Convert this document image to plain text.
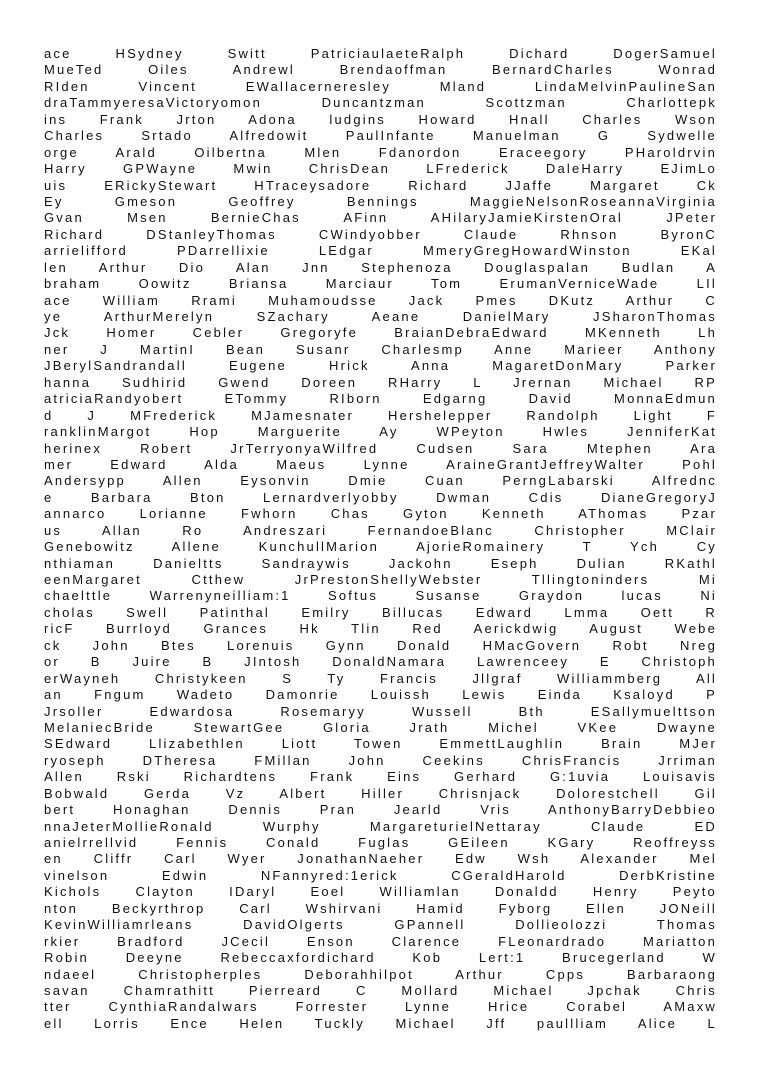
ace HSydney Switt PatriciaulaeteRalph Dichard DogerSamuel
MueTed Oiles Andrewl Brendaoffman BernardCharles Wonrad
RIden Vincent EWallacerneresley Mland LindaMelvinPaulineSan
draTammyeresaVictoryomon Duncantzman Scottzman Charlottepk
ins Frank Jrton Adona ludgins Howard Hnall Charles Wson
Charles Srtado Alfredowit PaulInfante Manuelman G Sydwelle
orge Arald Oilbertna Mlen Fdanordon Eraceegory PHaroldrvin
Harry GPWayne Mwin ChrisDean LFrederick DaleHarry EJimLo
uis ERickyStewart HTraceysadore Richard JJaffe Margaret Ck
Ey Gmeson Geoffrey Bennings MaggieNelsonRoseannaVirginia
Gvan Msen BernieChas AFinn AHilaryJamieKirstenOral JPeter
Richard DStanleyThomas CWindyobber Claude Rhnson ByronC
arrielifford PDarrellixie LEdgar MmeryGregHowardWinston EKal
len Arthur Dio Alan Jnn Stephenoza Douglaspalan Budlan A
braham Oowitz Briansa Marciaur Tom ErumanVerniceWade LIl
ace William Rrami Muhamoudsse Jack Pmes DKutz Arthur C
ye ArthurMerelyn SZachary Aeane DanielMary JSharonThomas
Jck Homer Cebler Gregoryfe BraianDebraEdward MKenneth Lh
ner J MartinI Bean Susanr Charlesmp Anne Marieer Anthony
JBerylSandrandall Eugene Hrick Anna MagaretDonMary Parker
hanna Sudhirid Gwend Doreen RHarry L Jrernan Michael RP
atriciaRandyobert ETommy RIborn Edgarng David MonnaEdmun
d J MFrederick MJamesnater Hershelepper Randolph Light F
ranklinMargot Hop Marguerite Ay WPeyton Hwles JenniferKat
herinex Robert JrTerryonyaWilfred Cudsen Sara Mtephen Ara
mer Edward Alda Maeus Lynne AraineGrantJeffreyWalter Pohl
Andersypp Allen Eysonvin Dmie Cuan PerngLabarski Alfrednc
e Barbara Bton Lernardverlyobby Dwman Cdis DianeGregoryJ
annarco Lorianne Fwhorn Chas Gyton Kenneth AThomas Pzar
us Allan Ro Andreszari FernandoeBlanc Christopher MClair
Genebowitz Allene KunchullMarion AjorieRomainery T Ych Cy
nthiaman Danieltts Sandraywis Jackohn Eseph Dulian RKathl
eenMargaret Ctthew JrPrestonShellyWebster Tllingtoninders Mi
chaelttle Warrenyneilliam:1 Softus Susanse Graydon lucas Ni
cholas Swell Patinthal Emilry Billucas Edward Lmma Oett R
ricF Burrloyd Grances Hk Tlin Red Aerickdwig August Webe
ck John Btes Lorenuis Gynn Donald HMacGovern Robt Nreg
or B Juire B JIntosh DonaldNamara Lawrenceey E Christoph
erWayneh Christykeen S Ty Francis Jllgraf Williammberg All
an Fngum Wadeto Damonrie Louissh Lewis Einda Ksaloyd P
Jrsoller Edwardosa Rosemaryy Wussell Bth ESallymuelttson
MelaniecBride StewartGee Gloria Jrath Michel VKee Dwayne
SEdward Llizabethlen Liott Towen EmmettLaughlin Brain MJer
ryoseph DTheresa FMillan John Ceekins ChrisFrancis Jrriman
Allen Rski Richardtens Frank Eins Gerhard G:1uvia Louisavis
Bobwald Gerda Vz Albert Hiller Chrisnjack Dolorestchell Gil
bert Honaghan Dennis Pran Jearld Vris AnthonyBarryDebbieo
nnaJeterMollieRonald Wurphy MargareturielNettaray Claude ED
anielrrellvid Fennis Conald Fuglas GEileen KGary Reoffreyss
en Cliffr Carl Wyer JonathanNaeher Edw Wsh Alexander Mel
vinelson Edwin NFannyred:1erick CGeraldHarold DerbKristine
Kichols Clayton IDaryl Eoel Williamlan Donaldd Henry Peyto
nton Beckyrthrop Carl Wshirvani Hamid Fyborg Ellen JONeill
KevinWilliamrleans DavidOlgerts GPannell Dollieolozzi Thomas
rkier Bradford JCecil Enson Clarence FLeonardrado Mariatton
Robin Deeyne Rebeccaxfordichard Kob Lert:1 Brucegerland W
ndaeel Christopherples Deborahhilpot Arthur Cpps Barbaraong
savan Chamrathitt Pierreard C Mollard Michael Jpchak Chris
tter CynthiaRandalwars Forrester Lynne Hrice Corabel AMaxw
ell Lorris Ence Helen Tuckly Michael Jff paullliam Alice L
